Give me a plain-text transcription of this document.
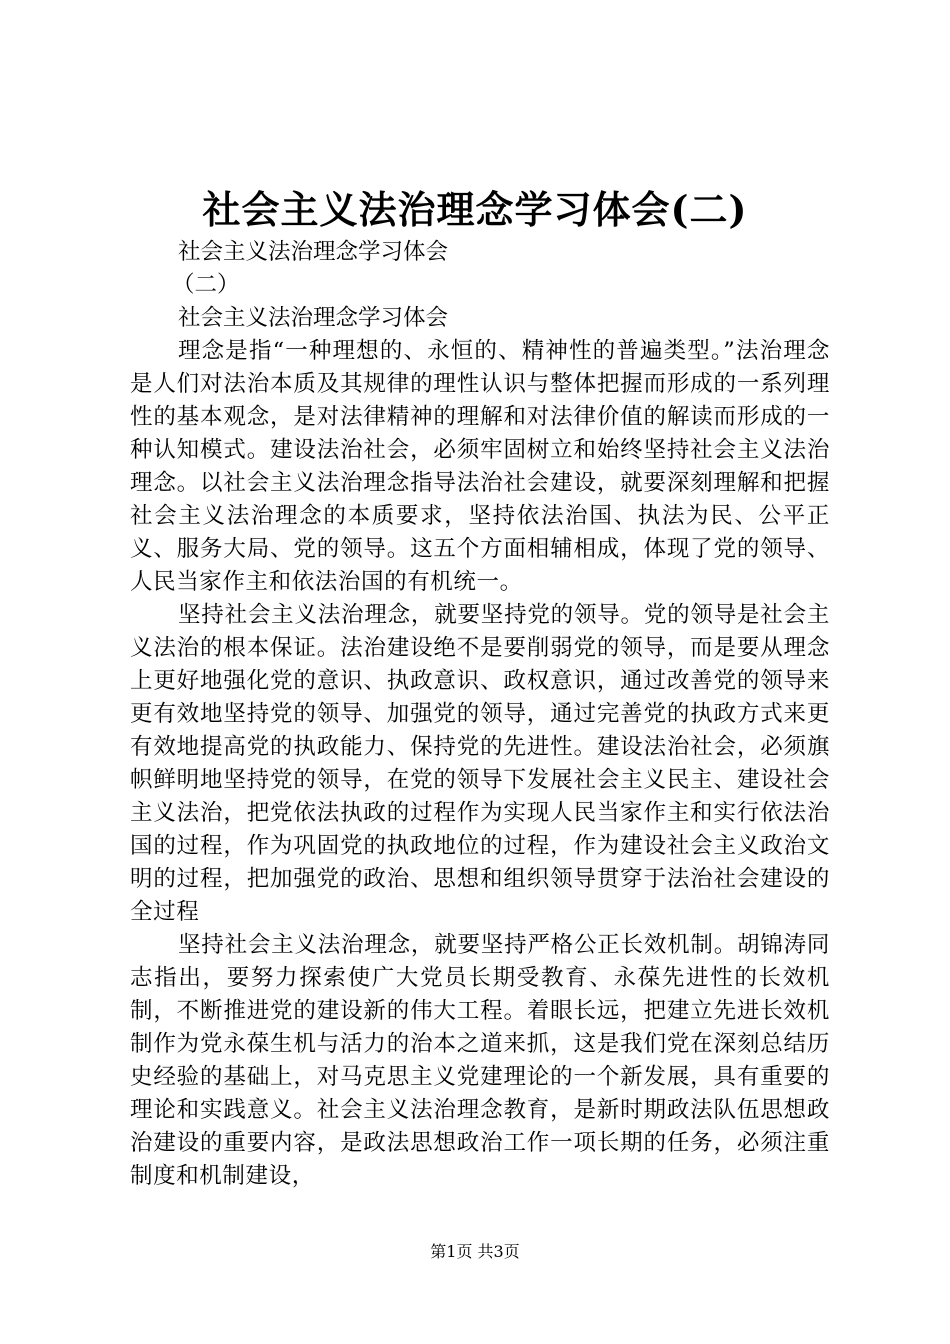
社会主义法治理念学习体会(二)
社会主义法治理念学习体会
（二）
社会主义法治理念学习体会

理念是指“一种理想的、永恒的、精神性的普遍类型。”法治理念是人们对法治本质及其规律的理性认识与整体把握而形成的一系列理性的基本观念，是对法律精神的理解和对法律价值的解读而形成的一种认知模式。建设法治社会，必须牢固树立和始终坚持社会主义法治理念。以社会主义法治理念指导法治社会建设，就要深刻理解和把握社会主义法治理念的本质要求，坚持依法治国、执法为民、公平正义、服务大局、党的领导。这五个方面相辅相成，体现了党的领导、人民当家作主和依法治国的有机统一。

坚持社会主义法治理念，就要坚持党的领导。党的领导是社会主义法治的根本保证。法治建设绝不是要削弱党的领导，而是要从理念上更好地强化党的意识、执政意识、政权意识，通过改善党的领导来更有效地坚持党的领导、加强党的领导，通过完善党的执政方式来更有效地提高党的执政能力、保持党的先进性。建设法治社会，必须旗帜鲜明地坚持党的领导，在党的领导下发展社会主义民主、建设社会主义法治，把党依法执政的过程作为实现人民当家作主和实行依法治国的过程，作为巩固党的执政地位的过程，作为建设社会主义政治文明的过程，把加强党的政治、思想和组织领导贯穿于法治社会建设的全过程

坚持社会主义法治理念，就要坚持严格公正长效机制。胡锦涛同志指出，要努力探索使广大党员长期受教育、永葆先进性的长效机制，不断推进党的建设新的伟大工程。着眼长远，把建立先进长效机制作为党永葆生机与活力的治本之道来抓，这是我们党在深刻总结历史经验的基础上，对马克思主义党建理论的一个新发展，具有重要的理论和实践意义。社会主义法治理念教育，是新时期政法队伍思想政治建设的重要内容，是政法思想政治工作一项长期的任务，必须注重制度和机制建设，

第1页 共3页
